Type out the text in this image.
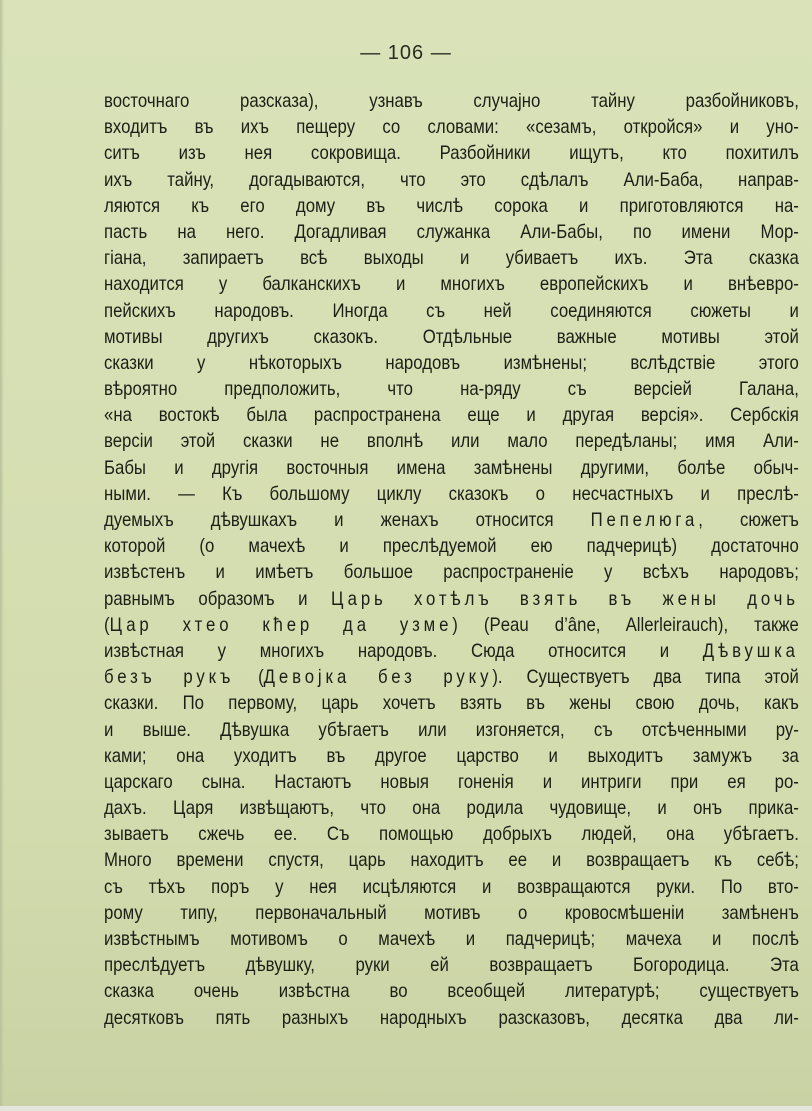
— 106 —
восточнаго разсказа), узнавъ случаjно тайну разбойниковъ,
входитъ въ ихъ пещеру со словами: «сезамъ, откройся» и уно-
ситъ изъ нея сокровища. Разбойники ищутъ, кто похитилъ
ихъ тайну, догадываются, что это сдѣлалъ Али-Баба, направ-
ляются къ его дому въ числѣ сорока и приготовляются на-
пасть на него. Догадливая служанка Али-Бабы, по имени Мор-
гіана, запираетъ всѣ выходы и убиваетъ ихъ. Эта сказка
находится у балканскихъ и многихъ европейскихъ и внѣевро-
пейскихъ народовъ. Иногда съ ней соединяются сюжеты и
мотивы другихъ сказокъ. Отдѣльные важные мотивы этой
сказки у нѣкоторыхъ народовъ измѣнены; вслѣдствіе этого
вѣроятно предположить, что на-ряду съ версіей Галана,
«на востокѣ была распространена еще и другая версія». Сербскія
версіи этой сказки не вполнѣ или мало передѣланы; имя Али-
Бабы и другія восточныя имена замѣнены другими, болѣе обыч-
ными. — Къ большому циклу сказокъ о несчастныхъ и преслѣ-
дуемыхъ дѣвушкахъ и женахъ относится Пепелюга, сюжетъ
которой (о мачехѣ и преслѣдуемой ею падчерицѣ) достаточно
извѣстенъ и имѣетъ большое распространеніе у всѣхъ народовъ;
равнымъ образомъ и Царь хотѣлъ взять въ жены дочь
(Цар хтео кћер да узме) (Peau d’âne, Allerleirauch), также
извѣстная у многихъ народовъ. Сюда относится и Дѣвушка
безъ рукъ (Девојка без руку). Существуетъ два типа этой
сказки. По первому, царь хочетъ взять въ жены свою дочь, какъ
и выше. Дѣвушка убѣгаетъ или изгоняется, съ отсѣченными ру-
ками; она уходитъ въ другое царство и выходитъ замужъ за
царскаго сына. Настаютъ новыя гоненія и интриги при ея ро-
дахъ. Царя извѣщаютъ, что она родила чудовище, и онъ прика-
зываетъ сжечь ее. Съ помощью добрыхъ людей, она убѣгаетъ.
Много времени спустя, царь находитъ ее и возвращаетъ къ себѣ;
съ тѣхъ поръ у нея исцѣляются и возвращаются руки. По вто-
рому типу, первоначальный мотивъ о кровосмѣшеніи замѣненъ
извѣстнымъ мотивомъ о мачехѣ и падчерицѣ; мачеха и послѣ
преслѣдуетъ дѣвушку, руки ей возвращаетъ Богородица. Эта
сказка очень извѣстна во всеобщей литературѣ; существуетъ
десятковъ пять разныхъ народныхъ разсказовъ, десятка два ли-
